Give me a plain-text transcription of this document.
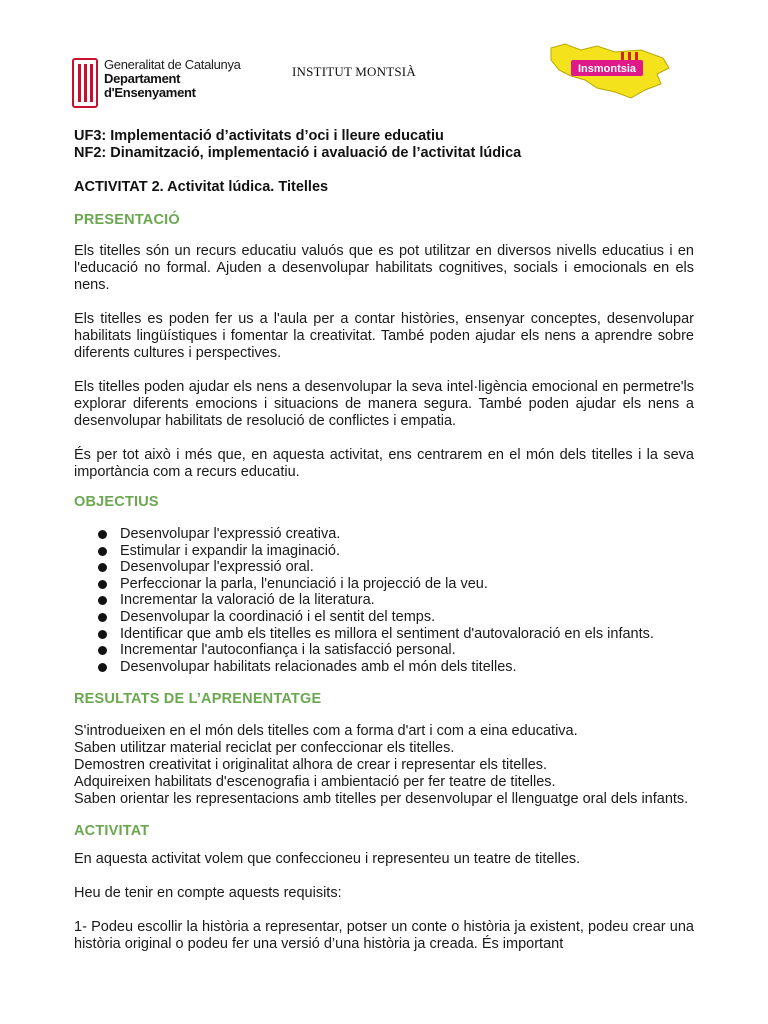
Generalitat de Catalunya
Departament
d'Ensenyament
INSTITUT MONTSIÀ	Insmontsia
UF3: Implementació d’activitats d’oci i lleure educatiu
NF2: Dinamització, implementació i avaluació de l’activitat lúdica
ACTIVITAT 2. Activitat lúdica. Titelles
PRESENTACIÓ

Els titelles són un recurs educatiu valuós que es pot utilitzar en diversos nivells educatius i en l'educació no formal. Ajuden a desenvolupar habilitats cognitives, socials i emocionals en els nens.

Els titelles es poden fer us a l'aula per a contar històries, ensenyar conceptes, desenvolupar habilitats lingüístiques i fomentar la creativitat. També poden ajudar els nens a aprendre sobre diferents cultures i perspectives.

Els titelles poden ajudar els nens a desenvolupar la seva intel·ligència emocional en permetre'ls explorar diferents emocions i situacions de manera segura. També poden ajudar els nens a desenvolupar habilitats de resolució de conflictes i empatia.

És per tot això i més que, en aquesta activitat, ens centrarem en el món dels titelles i la seva importància com a recurs educatiu.

OBJECTIUS
Desenvolupar l'expressió creativa.
Estimular i expandir la imaginació.
Desenvolupar l'expressió oral.
Perfeccionar la parla, l'enunciació i la projecció de la veu.
Incrementar la valoració de la literatura.
Desenvolupar la coordinació i el sentit del temps.
Identificar que amb els titelles es millora el sentiment d'autovaloració en els infants.
Incrementar l'autoconfiança i la satisfacció personal.
Desenvolupar habilitats relacionades amb el món dels titelles.
RESULTATS DE L’APRENENTATGE
S'introdueixen en el món dels titelles com a forma d'art i com a eina educativa.
Saben utilitzar material reciclat per confeccionar els titelles.
Demostren creativitat i originalitat alhora de crear i representar els titelles.
Adquireixen habilitats d'escenografia i ambientació per fer teatre de titelles.
Saben orientar les representacions amb titelles per desenvolupar el llenguatge oral dels infants.
ACTIVITAT

En aquesta activitat volem que confeccioneu i representeu un teatre de titelles.

Heu de tenir en compte aquests requisits:

1- Podeu escollir la història a representar, potser un conte o història ja existent, podeu crear una història original o podeu fer una versió d’una història ja creada. És important
